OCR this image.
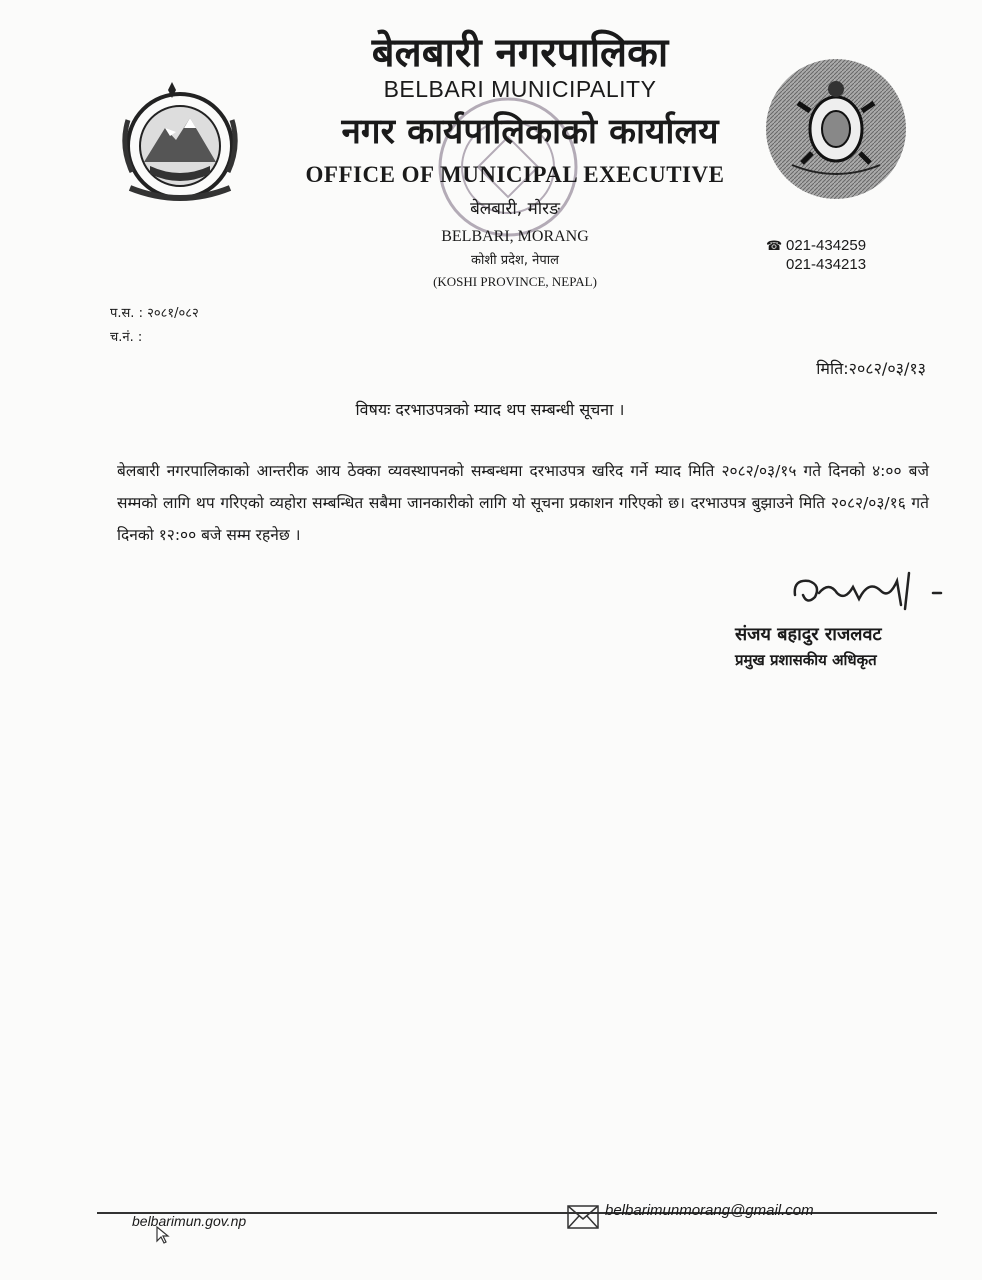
बेलबारी नगरपालिका
BELBARI MUNICIPALITY
नगर कार्यपालिकाको कार्यालय
OFFICE OF MUNICIPAL EXECUTIVE
बेलबारी, मोरङ
BELBARI, MORANG
कोशी प्रदेश, नेपाल
(KOSHI PROVINCE, NEPAL)
☎ 021-434259
021-434213
प.स. : २०८१/०८२
च.नं. :
मिति:२०८२/०३/१३
विषयः दरभाउपत्रको म्याद थप सम्बन्धी सूचना ।
बेलबारी नगरपालिकाको आन्तरीक आय ठेक्का व्यवस्थापनको सम्बन्धमा दरभाउपत्र खरिद गर्ने म्याद मिति २०८२/०३/१५ गते दिनको ४:०० बजे सम्मको लागि थप गरिएको व्यहोरा सम्बन्धित सबैमा जानकारीको लागि यो सूचना प्रकाशन गरिएको छ। दरभाउपत्र बुझाउने मिति २०८२/०३/१६ गते दिनको १२:०० बजे सम्म रहनेछ ।
संजय बहादुर राजलवट
प्रमुख प्रशासकीय अधिकृत
belbarimun.gov.np
belbarimunmorang@gmail.com
